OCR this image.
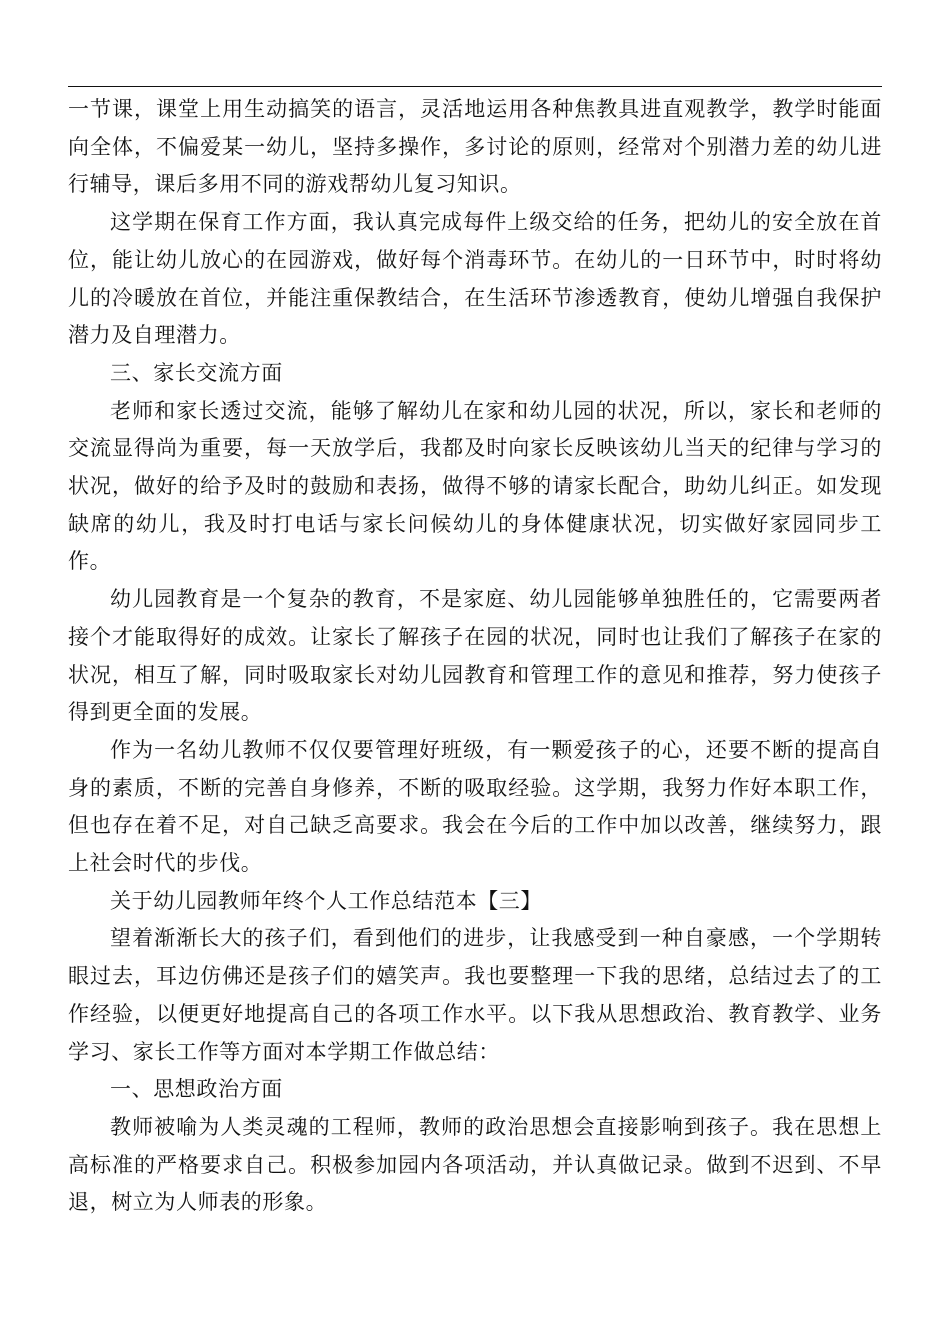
一节课，课堂上用生动搞笑的语言，灵活地运用各种焦教具进直观教学，教学时能面向全体，不偏爱某一幼儿，坚持多操作，多讨论的原则，经常对个别潜力差的幼儿进行辅导，课后多用不同的游戏帮幼儿复习知识。

这学期在保育工作方面，我认真完成每件上级交给的任务，把幼儿的安全放在首位，能让幼儿放心的在园游戏，做好每个消毒环节。在幼儿的一日环节中，时时将幼儿的冷暖放在首位，并能注重保教结合，在生活环节渗透教育，使幼儿增强自我保护潜力及自理潜力。

三、家长交流方面

老师和家长透过交流，能够了解幼儿在家和幼儿园的状况，所以，家长和老师的交流显得尚为重要，每一天放学后，我都及时向家长反映该幼儿当天的纪律与学习的状况，做好的给予及时的鼓励和表扬，做得不够的请家长配合，助幼儿纠正。如发现缺席的幼儿，我及时打电话与家长问候幼儿的身体健康状况，切实做好家园同步工作。

幼儿园教育是一个复杂的教育，不是家庭、幼儿园能够单独胜任的，它需要两者接个才能取得好的成效。让家长了解孩子在园的状况，同时也让我们了解孩子在家的状况，相互了解，同时吸取家长对幼儿园教育和管理工作的意见和推荐，努力使孩子得到更全面的发展。

作为一名幼儿教师不仅仅要管理好班级，有一颗爱孩子的心，还要不断的提高自身的素质，不断的完善自身修养，不断的吸取经验。这学期，我努力作好本职工作，但也存在着不足，对自己缺乏高要求。我会在今后的工作中加以改善，继续努力，跟上社会时代的步伐。

关于幼儿园教师年终个人工作总结范本【三】

望着渐渐长大的孩子们，看到他们的进步，让我感受到一种自豪感，一个学期转眼过去，耳边仿佛还是孩子们的嬉笑声。我也要整理一下我的思绪，总结过去了的工作经验，以便更好地提高自己的各项工作水平。以下我从思想政治、教育教学、业务学习、家长工作等方面对本学期工作做总结：

一、思想政治方面

教师被喻为人类灵魂的工程师，教师的政治思想会直接影响到孩子。我在思想上高标准的严格要求自己。积极参加园内各项活动，并认真做记录。做到不迟到、不早退，树立为人师表的形象。
